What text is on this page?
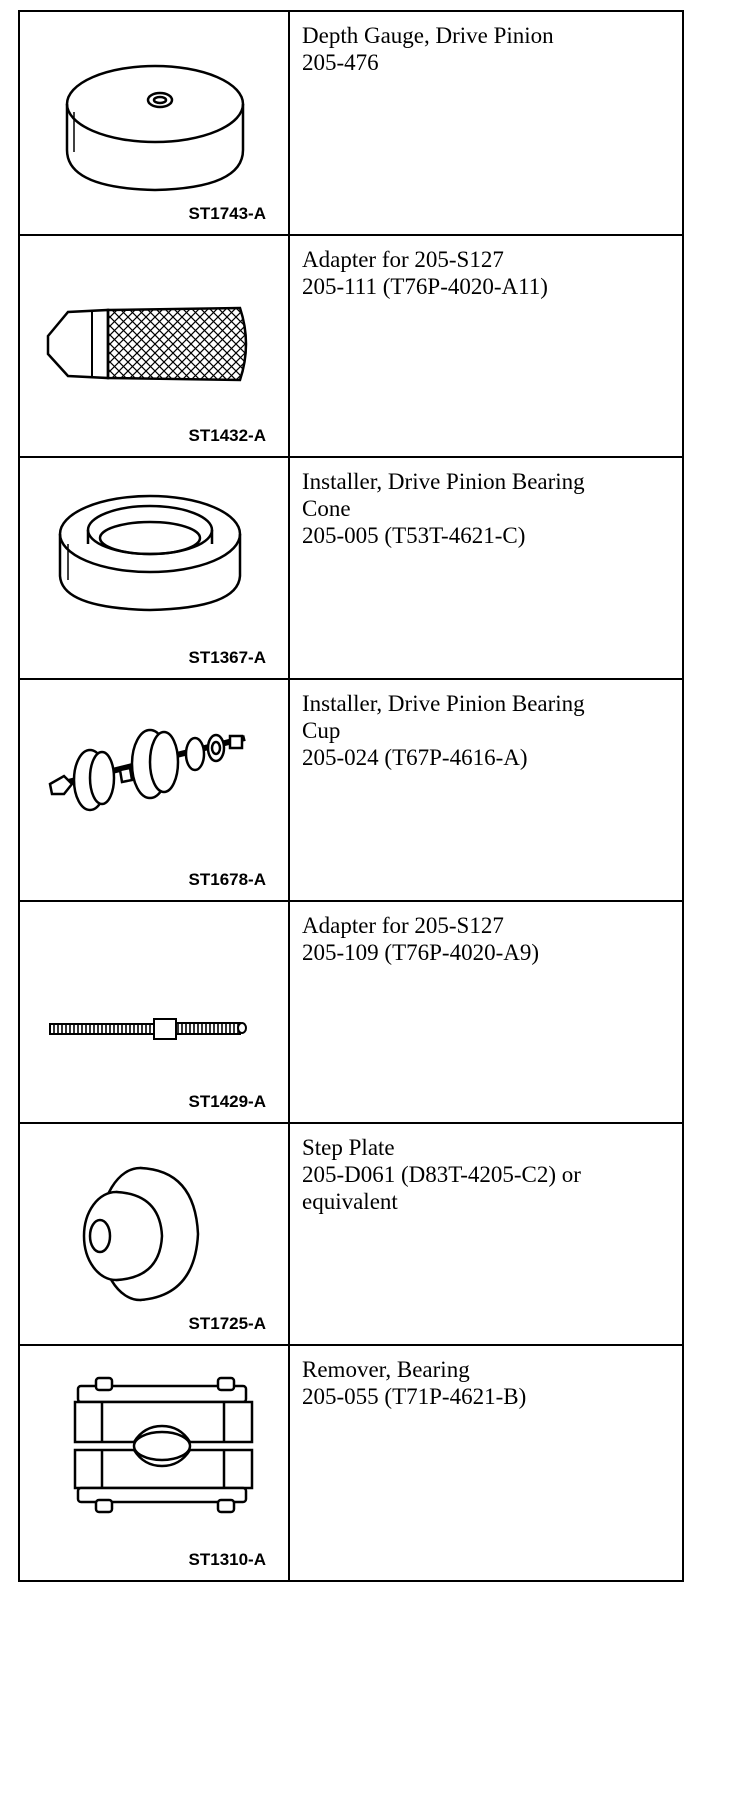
ST1743-A	Depth Gauge, Drive Pinion
205-476

ST1432-A	Adapter for 205-S127
205-111 (T76P-4020-A11)

ST1367-A	Installer, Drive Pinion Bearing
Cone
205-005 (T53T-4621-C)

ST1678-A	Installer, Drive Pinion Bearing
Cup
205-024 (T67P-4616-A)

ST1429-A	Adapter for 205-S127
205-109 (T76P-4020-A9)

ST1725-A	Step Plate
205-D061 (D83T-4205-C2) or
equivalent

ST1310-A	Remover, Bearing
205-055 (T71P-4621-B)
